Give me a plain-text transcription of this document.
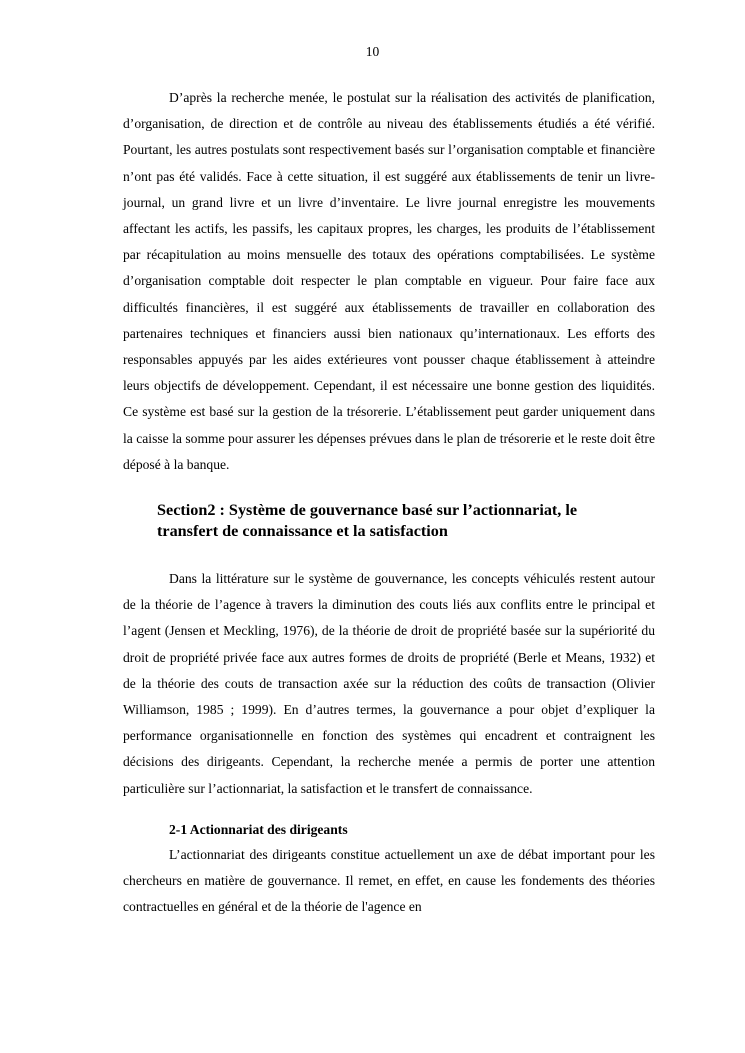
10

D’après la recherche menée, le postulat sur la réalisation des activités de planification, d’organisation, de direction et de contrôle au niveau des établissements étudiés a été vérifié. Pourtant, les autres postulats sont respectivement basés sur l’organisation comptable et financière n’ont pas été validés. Face à cette situation, il est suggéré aux établissements de tenir un livre-journal, un grand livre et un livre d’inventaire. Le livre journal enregistre les mouvements affectant les actifs, les passifs, les capitaux propres, les charges, les produits de l’établissement par récapitulation au moins mensuelle des totaux des opérations comptabilisées. Le système d’organisation comptable doit respecter le plan comptable en vigueur. Pour faire face aux difficultés financières, il est suggéré aux établissements de travailler en collaboration des partenaires techniques et financiers aussi bien nationaux qu’internationaux. Les efforts des responsables appuyés par les aides extérieures vont pousser chaque établissement à atteindre leurs objectifs de développement. Cependant, il est nécessaire une bonne gestion des liquidités. Ce système est basé sur la gestion de la trésorerie. L’établissement peut garder uniquement dans la caisse la somme pour assurer les dépenses prévues dans le plan de trésorerie et le reste doit être déposé à la banque.

Section2 : Système de gouvernance basé sur l’actionnariat, le transfert de connaissance et la satisfaction

Dans la littérature sur le système de gouvernance, les concepts véhiculés restent autour de la théorie de l’agence à travers la diminution des couts liés aux conflits entre le principal et l’agent (Jensen et Meckling, 1976), de la théorie de droit de propriété basée sur la supériorité du droit de propriété privée face aux autres formes de droits de propriété (Berle et Means, 1932) et de la théorie des couts de transaction axée sur la réduction des coûts de transaction (Olivier Williamson, 1985 ; 1999). En d’autres termes, la gouvernance a pour objet d’expliquer la performance organisationnelle en fonction des systèmes qui encadrent et contraignent les décisions des dirigeants. Cependant, la recherche menée a permis de porter une attention particulière sur l’actionnariat, la satisfaction et le transfert de connaissance.

2-1 Actionnariat des dirigeants

L’actionnariat des dirigeants constitue actuellement un axe de débat important pour les chercheurs en matière de gouvernance. Il remet, en effet, en cause les fondements des théories contractuelles en général et de la théorie de l'agence en
